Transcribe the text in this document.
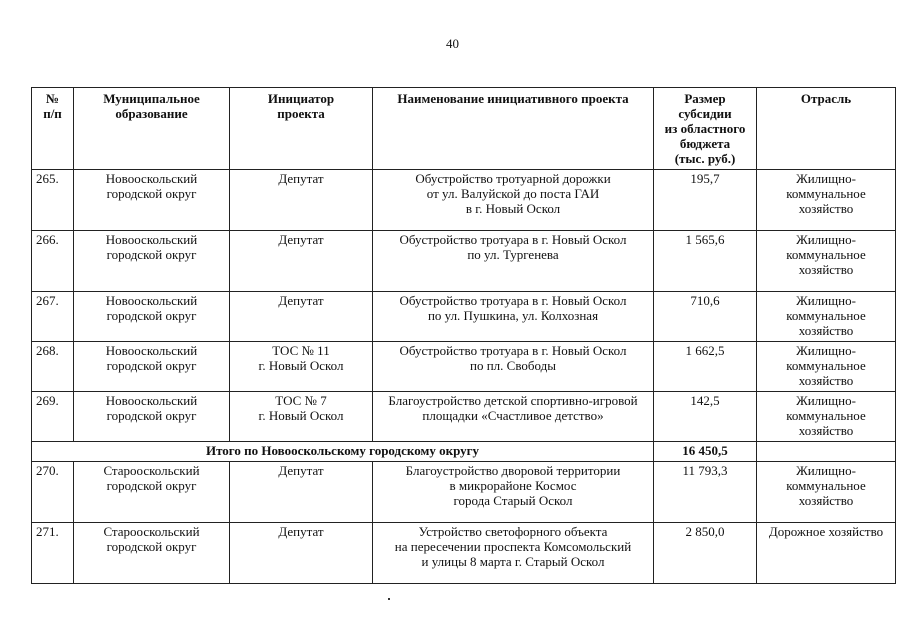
40
№
п/п	Муниципальное
образование	Инициатор
проекта	Наименование инициативного проекта	Размер
субсидии
из областного
бюджета
(тыс. руб.)	Отрасль

265.	Новооскольский
городской округ	Депутат	Обустройство тротуарной дорожки
от ул. Валуйской до поста ГАИ
в г. Новый Оскол	195,7	Жилищно-
коммунальное
хозяйство

266.	Новооскольский
городской округ	Депутат	Обустройство тротуара в г. Новый Оскол
по ул. Тургенева	1 565,6	Жилищно-
коммунальное
хозяйство

267.	Новооскольский
городской округ	Депутат	Обустройство тротуара в г. Новый Оскол
по ул. Пушкина, ул. Колхозная	710,6	Жилищно-
коммунальное
хозяйство

268.	Новооскольский
городской округ	ТОС № 11
г. Новый Оскол	Обустройство тротуара в г. Новый Оскол
по пл. Свободы	1 662,5	Жилищно-
коммунальное
хозяйство

269.	Новооскольский
городской округ	ТОС № 7
г. Новый Оскол	Благоустройство детской спортивно-игровой
площадки «Счастливое детство»	142,5	Жилищно-
коммунальное
хозяйство

Итого по Новооскольскому городскому округу				16 450,5	
270.	Старооскольский
городской округ	Депутат	Благоустройство дворовой территории
в микрорайоне Космос
города Старый Оскол	11 793,3	Жилищно-
коммунальное
хозяйство

271.	Старооскольский
городской округ	Депутат	Устройство светофорного объекта
на пересечении проспекта Комсомольский
и улицы 8 марта г. Старый Оскол	2 850,0	Дорожное хозяйство
